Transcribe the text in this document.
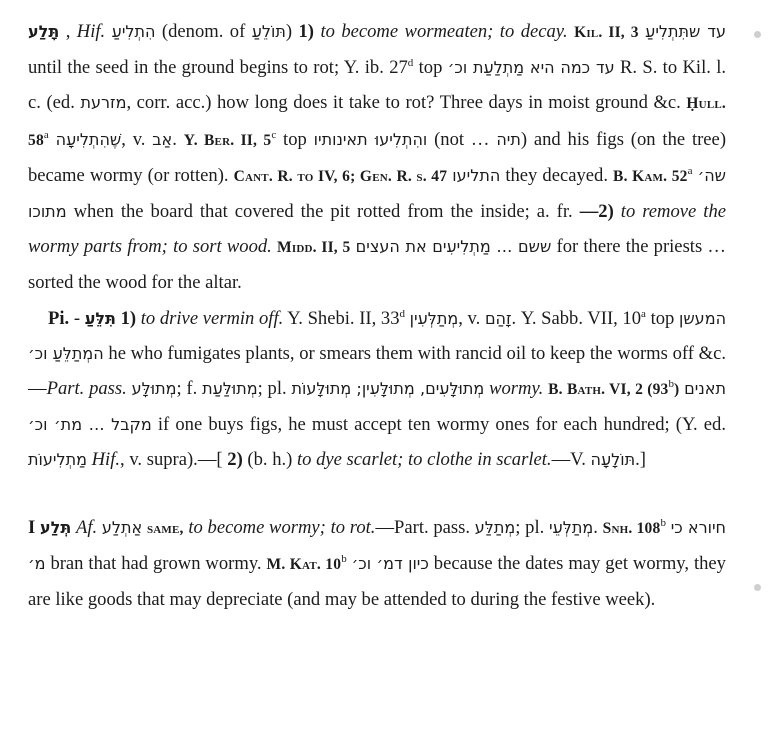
תָּלַע , Hif. הִתְלִיעַ (denom. of תּוֹלֵעַ) 1) to become wormeaten; to decay. Kil. II, 3 עד שתִּתְלִיעַ until the seed in the ground begins to rot; Y. ib. 27$^d$ top עד כמה היא מַתְלַעַת וכ׳ R. S. to Kil. l. c. (ed. מזרעת, corr. acc.) how long does it take to rot? Three days in moist ground &c. Ḥull. 58$^a$ שֶׁהִתְלִיעָה, v. אַב. Y. Ber. II, 5$^c$ top והִתְלִיעוּ תאינותיו (not … תיה) and his figs (on the tree) became wormy (or rotten). Cant. R. to IV, 6; Gen. R. s. 47 התליעו they decayed. B. Kam. 52$^a$ שה׳ מתוכו when the board that covered the pit rotted from the inside; a. fr. —2) to remove the wormy parts from; to sort wood. Midd. II, 5 ששם … מַתְלִיעִים את העצים for there the priests … sorted the wood for the altar.

Pi. - תִּלֵּעַ 1) to drive vermin off. Y. Shebi. II, 33$^d$ מְתַלְּעִין, v. זָהַם. Y. Sabb. VII, 10$^a$ top המעשן המְתַלֵּעַ וכ׳ he who fumigates plants, or smears them with rancid oil to keep the worms off &c.—Part. pass. מְתוּלָּע; f. מְתוּלַּעַת; pl. מְתוּלָּעִים, מְתוּלָּעִין; מְתוּלָּעוֹת wormy. B. Bath. VI, 2 (93$^b$) תאנים מקבל … מת׳ וכ׳ if one buys figs, he must accept ten wormy ones for each hundred; (Y. ed. מַתְלִיעוֹת Hif., v. supra).—[ 2) (b. h.) to dye scarlet; to clothe in scarlet.—V. תּוֹלָעָה.]

I תְּלַע Af. אַתְלַע same, to become wormy; to rot.—Part. pass. מְתַלַּע; pl. מְתַלְּעֵי. Snh. 108$^b$ חיורא כי מ׳ bran that had grown wormy. M. Kat. 10$^b$ כיון דמ׳ וכ׳ because the dates may get wormy, they are like goods that may depreciate (and may be attended to during the festive week).
